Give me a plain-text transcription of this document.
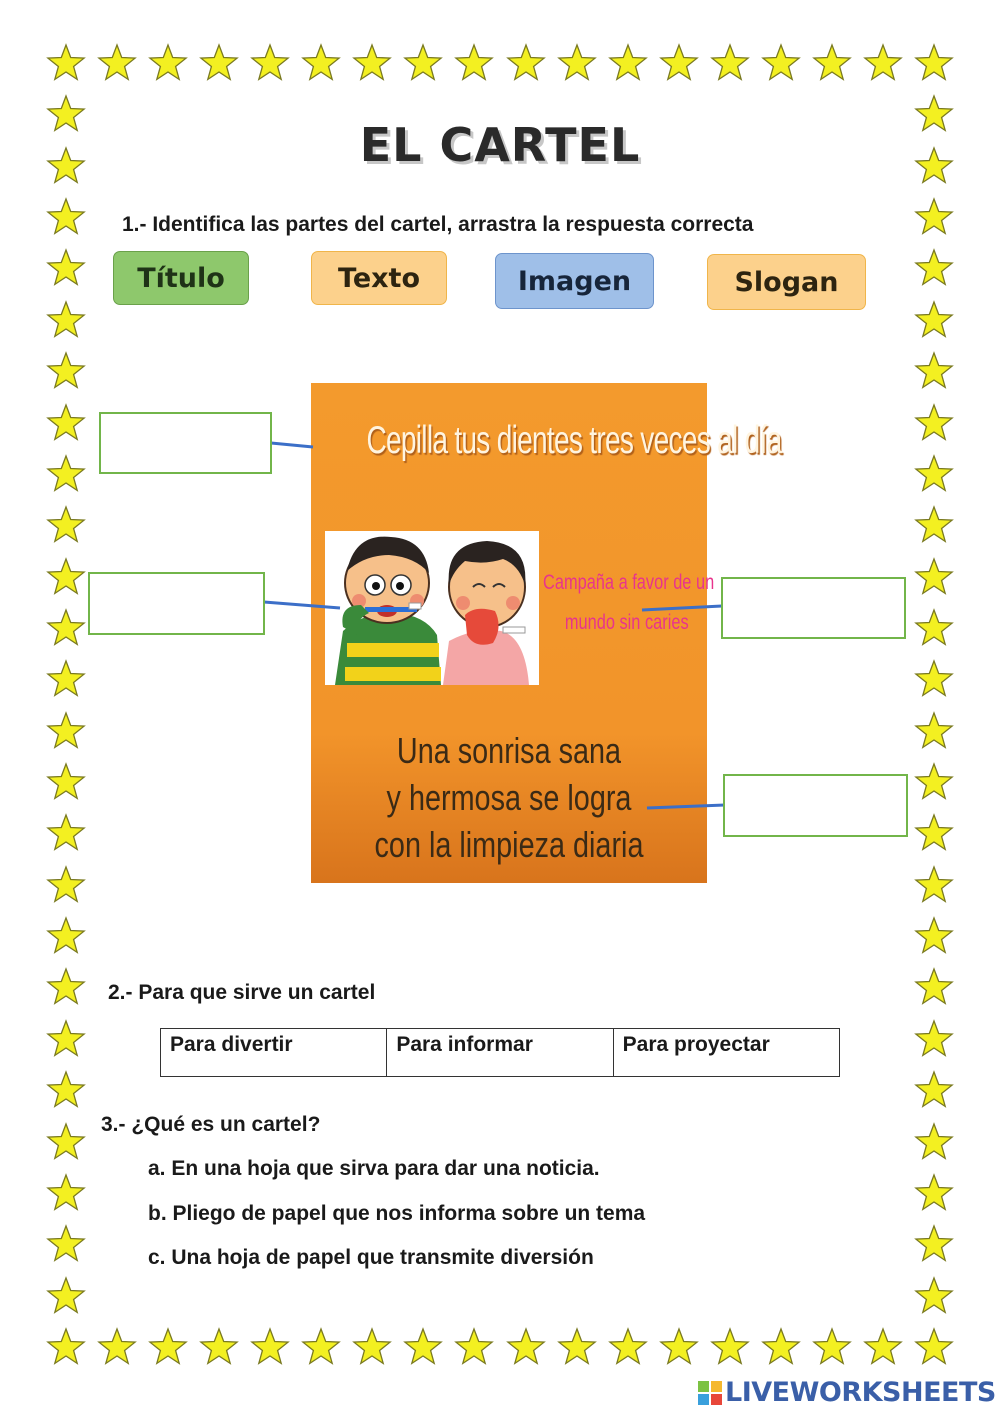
EL CARTEL
1.- Identifica las partes del cartel, arrastra la respuesta correcta
Título	Texto	Imagen	Slogan
Cepilla tus dientes tres veces al día
Campaña a favor de un
mundo sin caries
Una sonrisa sana
y hermosa se logra
con la limpieza diaria
2.- Para que sirve un cartel
Para divertir	Para informar	Para proyectar
3.- ¿Qué es un cartel?
a. En una hoja que sirva para dar una noticia.
b. Pliego de papel que nos informa sobre un tema
c. Una hoja de papel que transmite diversión
LIVEWORKSHEETS
